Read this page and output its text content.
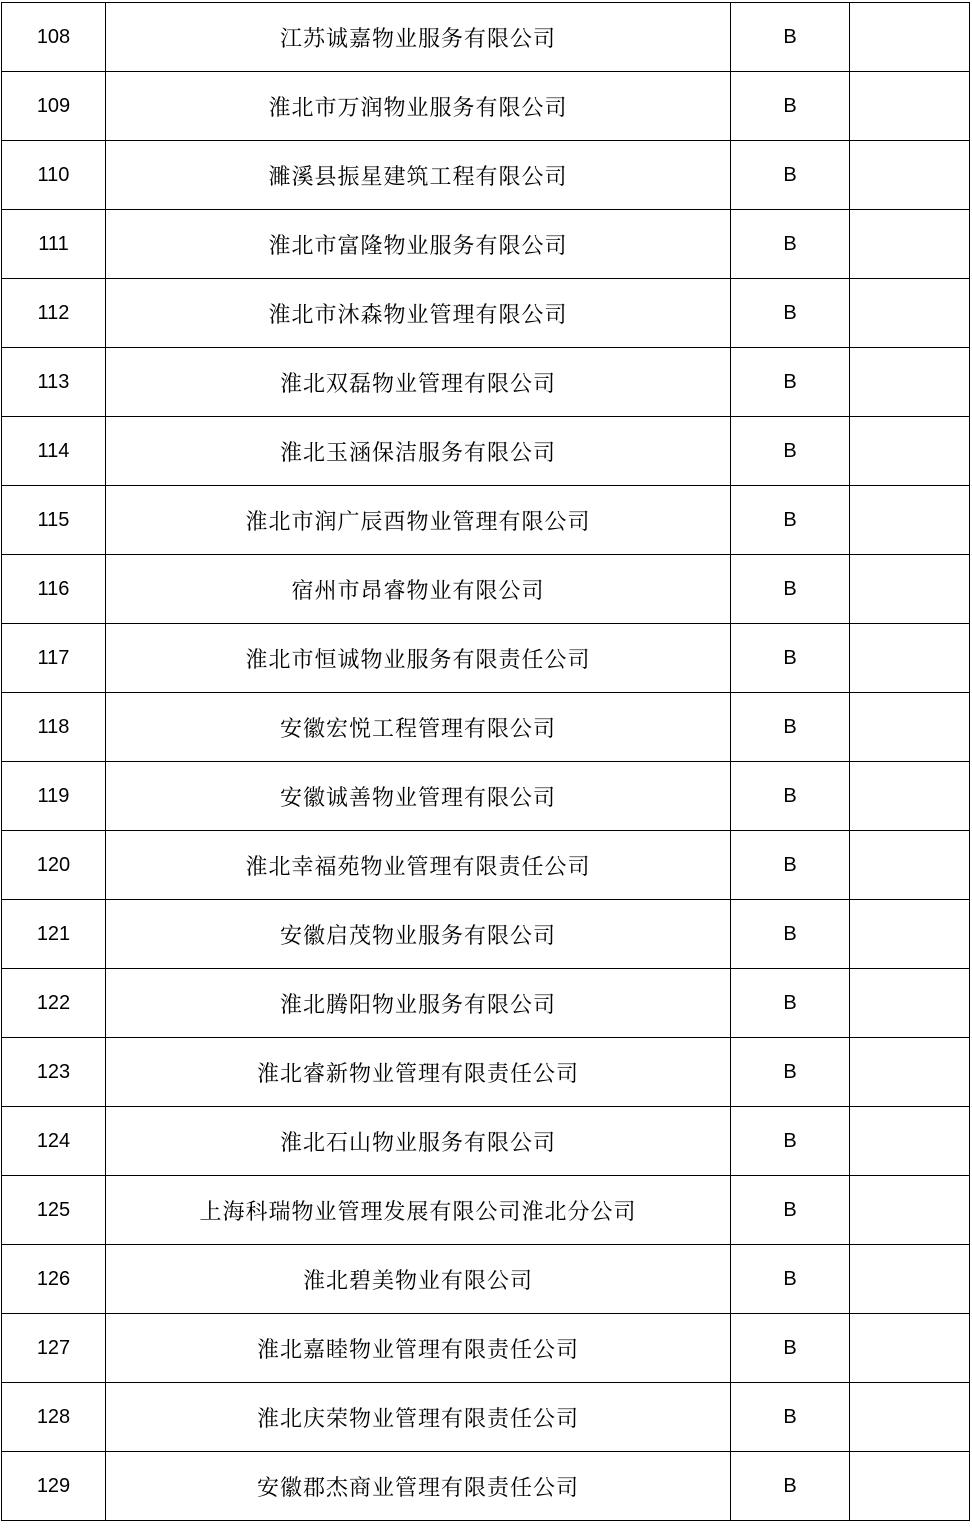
108	江苏诚嘉物业服务有限公司	B	
109	淮北市万润物业服务有限公司	B	
110	濉溪县振星建筑工程有限公司	B	
111	淮北市富隆物业服务有限公司	B	
112	淮北市沐森物业管理有限公司	B	
113	淮北双磊物业管理有限公司	B	
114	淮北玉涵保洁服务有限公司	B	
115	淮北市润广辰酉物业管理有限公司	B	
116	宿州市昂睿物业有限公司	B	
117	淮北市恒诚物业服务有限责任公司	B	
118	安徽宏悦工程管理有限公司	B	
119	安徽诚善物业管理有限公司	B	
120	淮北幸福苑物业管理有限责任公司	B	
121	安徽启茂物业服务有限公司	B	
122	淮北腾阳物业服务有限公司	B	
123	淮北睿新物业管理有限责任公司	B	
124	淮北石山物业服务有限公司	B	
125	上海科瑞物业管理发展有限公司淮北分公司	B	
126	淮北碧美物业有限公司	B	
127	淮北嘉睦物业管理有限责任公司	B	
128	淮北庆荣物业管理有限责任公司	B	
129	安徽郡杰商业管理有限责任公司	B	
